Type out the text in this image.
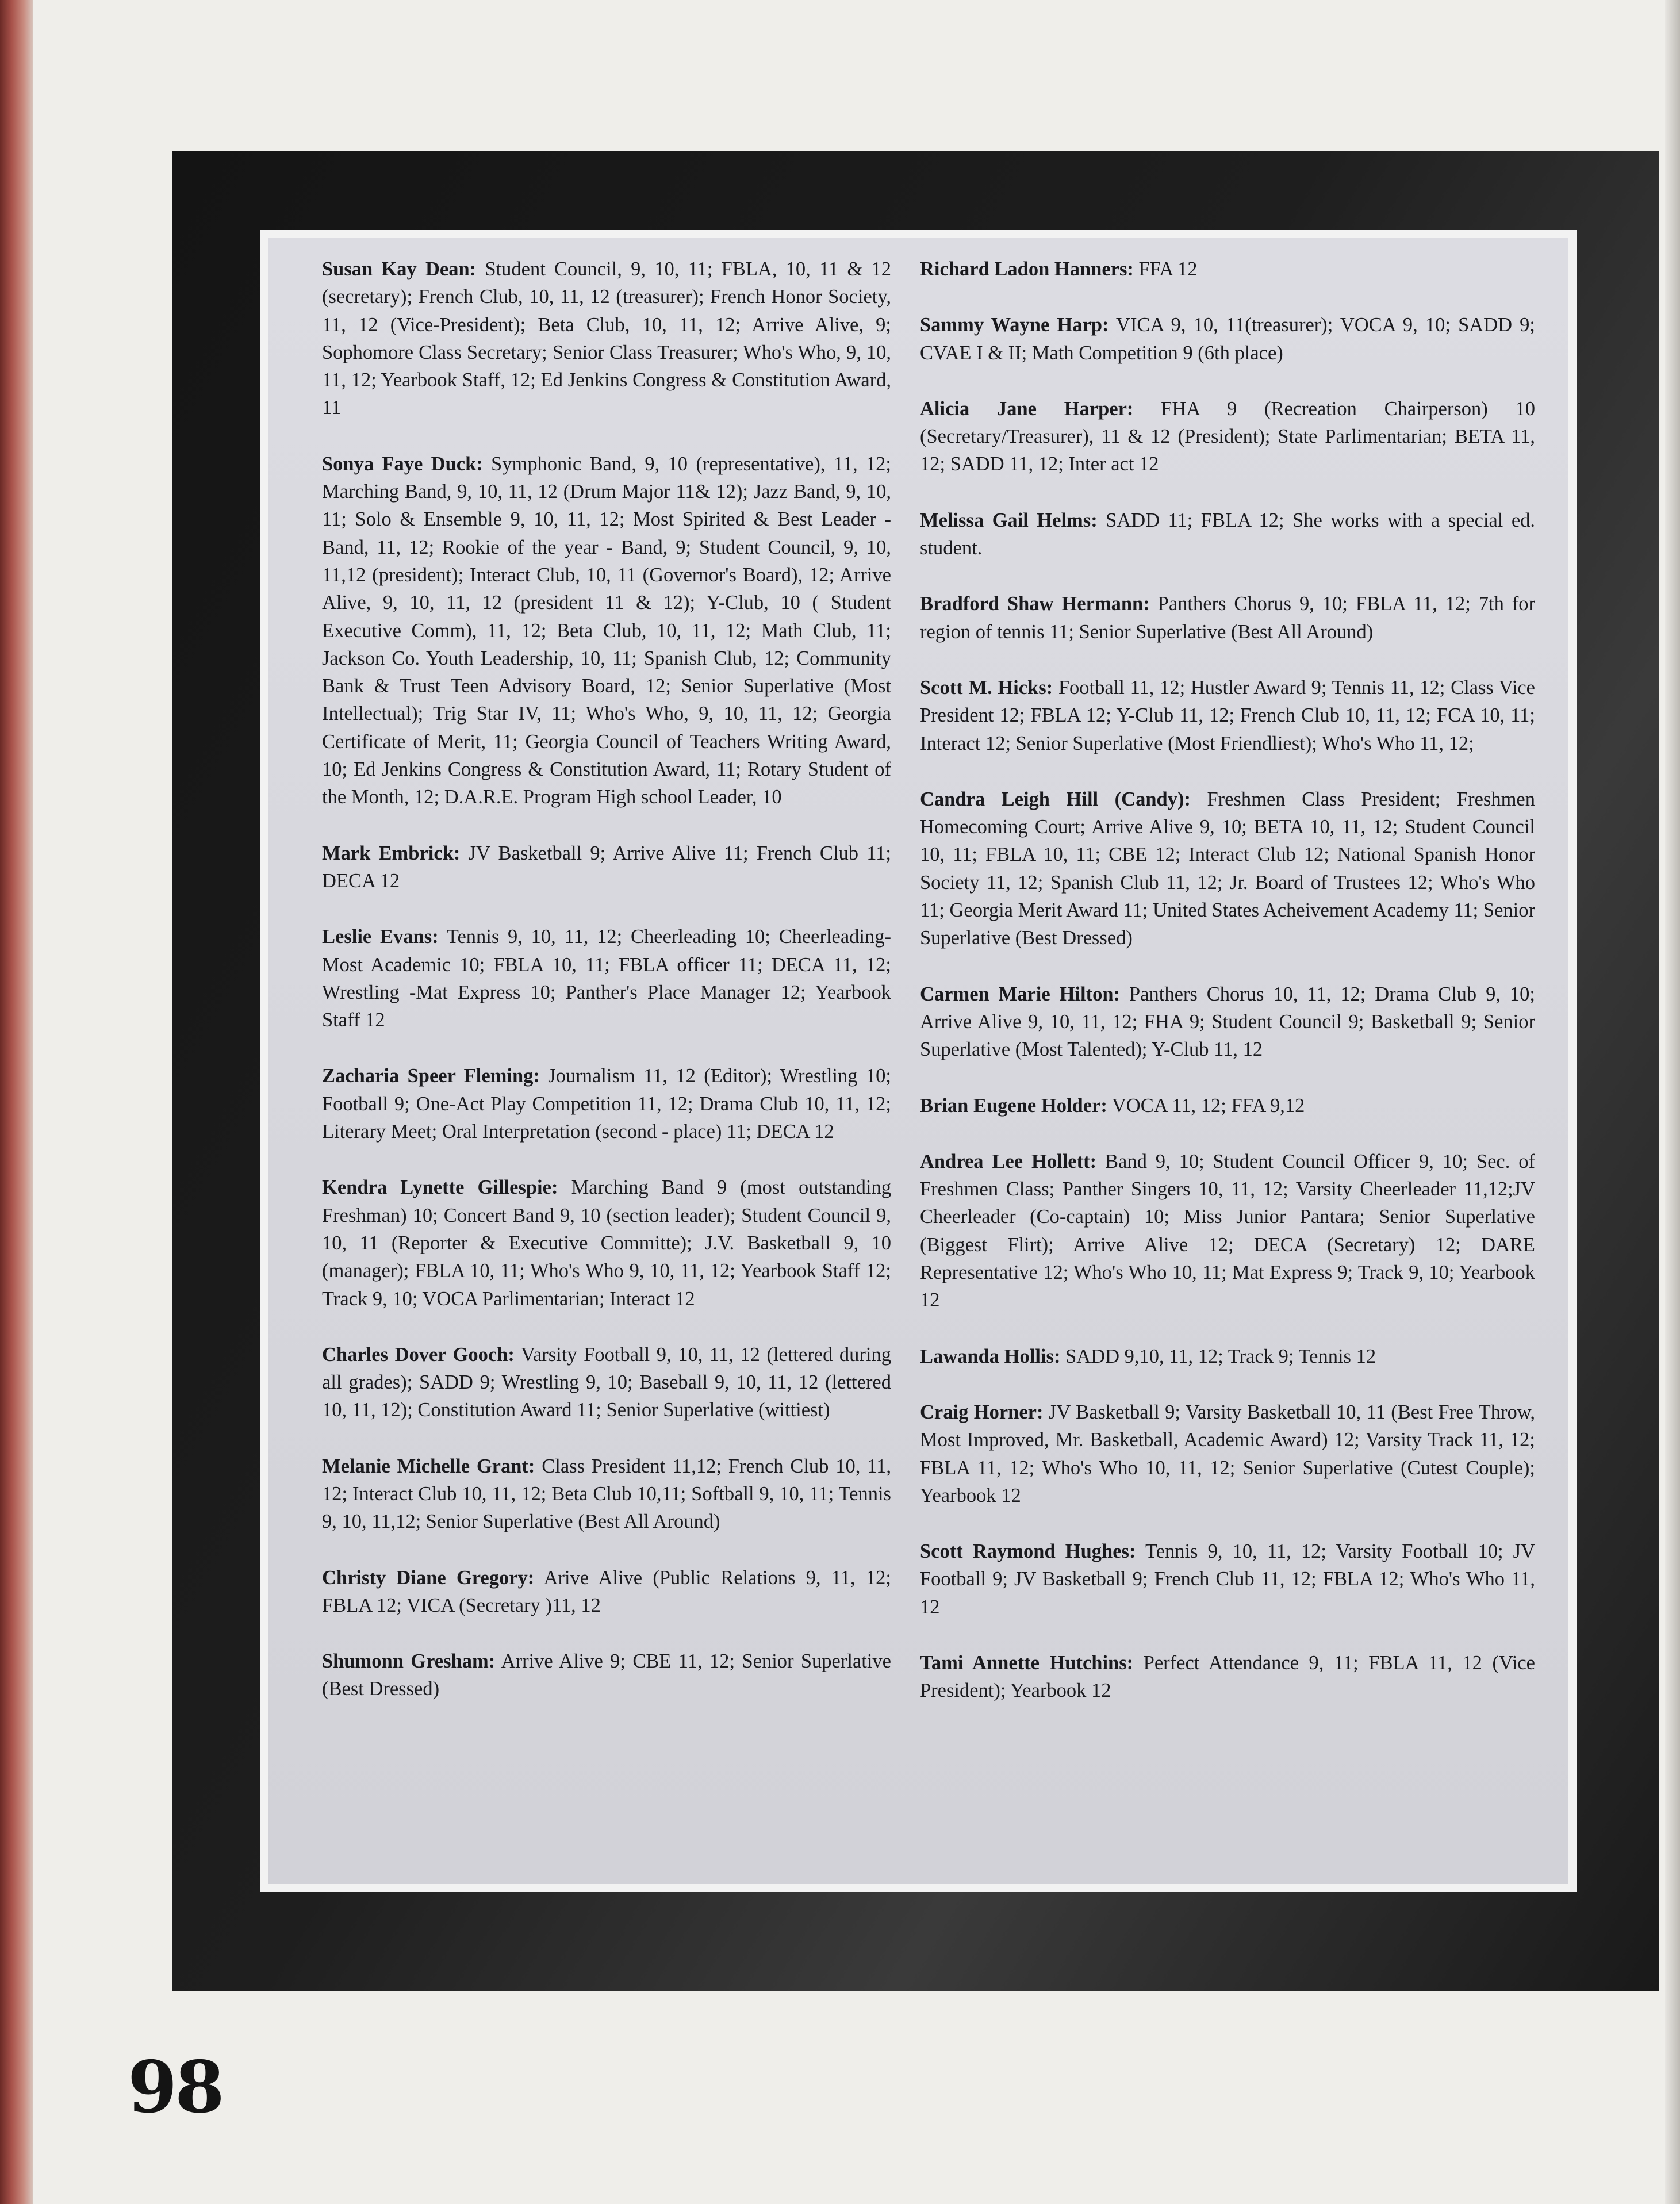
Susan Kay Dean: Student Council, 9, 10, 11; FBLA, 10, 11 & 12 (secretary); French Club, 10, 11, 12 (treasurer); French Honor Society, 11, 12 (Vice-President); Beta Club, 10, 11, 12; Arrive Alive, 9; Sophomore Class Secretary; Senior Class Treasurer; Who's Who, 9, 10, 11, 12; Yearbook Staff, 12; Ed Jenkins Congress & Constitution Award, 11
Sonya Faye Duck: Symphonic Band, 9, 10 (representative), 11, 12; Marching Band, 9, 10, 11, 12 (Drum Major 11& 12); Jazz Band, 9, 10, 11; Solo & Ensemble 9, 10, 11, 12; Most Spirited & Best Leader - Band, 11, 12; Rookie of the year - Band, 9; Student Council, 9, 10, 11,12 (president); Interact Club, 10, 11 (Governor's Board), 12; Arrive Alive, 9, 10, 11, 12 (president 11 & 12); Y-Club, 10 ( Student Executive Comm), 11, 12; Beta Club, 10, 11, 12; Math Club, 11; Jackson Co. Youth Leadership, 10, 11; Spanish Club, 12; Community Bank & Trust Teen Advisory Board, 12; Senior Superlative (Most Intellectual); Trig Star IV, 11; Who's Who, 9, 10, 11, 12; Georgia Certificate of Merit, 11; Georgia Council of Teachers Writing Award, 10; Ed Jenkins Congress & Constitution Award, 11; Rotary Student of the Month, 12; D.A.R.E. Program High school Leader, 10
Mark Embrick: JV Basketball 9; Arrive Alive 11; French Club 11; DECA 12
Leslie Evans: Tennis 9, 10, 11, 12; Cheerleading 10; Cheerleading-Most Academic 10; FBLA 10, 11; FBLA officer 11; DECA 11, 12; Wrestling -Mat Express 10; Panther's Place Manager 12; Yearbook Staff 12
Zacharia Speer Fleming: Journalism 11, 12 (Editor); Wrestling 10; Football 9; One-Act Play Competition 11, 12; Drama Club 10, 11, 12; Literary Meet; Oral Interpretation (second - place) 11; DECA 12
Kendra Lynette Gillespie: Marching Band 9 (most outstanding Freshman) 10; Concert Band 9, 10 (section leader); Student Council 9, 10, 11 (Reporter & Executive Committe); J.V. Basketball 9, 10 (manager); FBLA 10, 11; Who's Who 9, 10, 11, 12; Yearbook Staff 12; Track 9, 10; VOCA Parlimentarian; Interact 12
Charles Dover Gooch: Varsity Football 9, 10, 11, 12 (lettered during all grades); SADD 9; Wrestling 9, 10; Baseball 9, 10, 11, 12 (lettered 10, 11, 12); Constitution Award 11; Senior Superlative (wittiest)
Melanie Michelle Grant: Class President 11,12; French Club 10, 11, 12; Interact Club 10, 11, 12; Beta Club 10,11; Softball 9, 10, 11; Tennis 9, 10, 11,12; Senior Superlative (Best All Around)
Christy Diane Gregory: Arive Alive (Public Relations 9, 11, 12; FBLA 12; VICA (Secretary )11, 12
Shumonn Gresham: Arrive Alive 9; CBE 11, 12; Senior Superlative (Best Dressed)
Richard Ladon Hanners: FFA 12
Sammy Wayne Harp: VICA 9, 10, 11(treasurer); VOCA 9, 10; SADD 9; CVAE I & II; Math Competition 9 (6th place)
Alicia Jane Harper: FHA 9 (Recreation Chairperson) 10 (Secretary/Treasurer), 11 & 12 (President); State Parlimentarian; BETA 11, 12; SADD 11, 12; Inter act 12
Melissa Gail Helms: SADD 11; FBLA 12; She works with a special ed. student.
Bradford Shaw Hermann: Panthers Chorus 9, 10; FBLA 11, 12; 7th for region of tennis 11; Senior Superlative (Best All Around)
Scott M. Hicks: Football 11, 12; Hustler Award 9; Tennis 11, 12; Class Vice President 12; FBLA 12; Y-Club 11, 12; French Club 10, 11, 12; FCA 10, 11; Interact 12; Senior Superlative (Most Friendliest); Who's Who 11, 12;
Candra Leigh Hill (Candy): Freshmen Class President; Freshmen Homecoming Court; Arrive Alive 9, 10; BETA 10, 11, 12; Student Council 10, 11; FBLA 10, 11; CBE 12; Interact Club 12; National Spanish Honor Society 11, 12; Spanish Club 11, 12; Jr. Board of Trustees 12; Who's Who 11; Georgia Merit Award 11; United States Acheivement Academy 11; Senior Superlative (Best Dressed)
Carmen Marie Hilton: Panthers Chorus 10, 11, 12; Drama Club 9, 10; Arrive Alive 9, 10, 11, 12; FHA 9; Student Council 9; Basketball 9; Senior Superlative (Most Talented); Y-Club 11, 12
Brian Eugene Holder: VOCA 11, 12; FFA 9,12
Andrea Lee Hollett: Band 9, 10; Student Council Officer 9, 10; Sec. of Freshmen Class; Panther Singers 10, 11, 12; Varsity Cheerleader 11,12;JV Cheerleader (Co-captain) 10; Miss Junior Pantara; Senior Superlative (Biggest Flirt); Arrive Alive 12; DECA (Secretary) 12; DARE Representative 12; Who's Who 10, 11; Mat Express 9; Track 9, 10; Yearbook 12
Lawanda Hollis: SADD 9,10, 11, 12; Track 9; Tennis 12
Craig Horner: JV Basketball 9; Varsity Basketball 10, 11 (Best Free Throw, Most Improved, Mr. Basketball, Academic Award) 12; Varsity Track 11, 12; FBLA 11, 12; Who's Who 10, 11, 12; Senior Superlative (Cutest Couple); Yearbook 12
Scott Raymond Hughes: Tennis 9, 10, 11, 12; Varsity Football 10; JV Football 9; JV Basketball 9; French Club 11, 12; FBLA 12; Who's Who 11, 12
Tami Annette Hutchins: Perfect Attendance 9, 11; FBLA 11, 12 (Vice President); Yearbook 12
98
